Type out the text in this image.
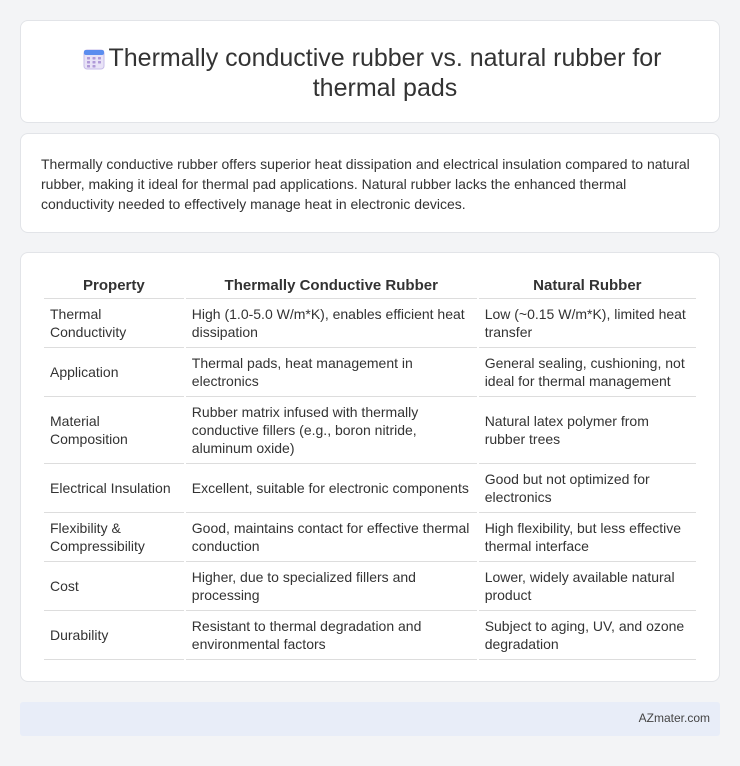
Thermally conductive rubber vs. natural rubber for thermal pads

Thermally conductive rubber offers superior heat dissipation and electrical insulation compared to natural rubber, making it ideal for thermal pad applications. Natural rubber lacks the enhanced thermal conductivity needed to effectively manage heat in electronic devices.

Property	Thermally Conductive Rubber	Natural Rubber
Thermal Conductivity	High (1.0-5.0 W/m*K), enables efficient heat dissipation	Low (~0.15 W/m*K), limited heat transfer
Application	Thermal pads, heat management in electronics	General sealing, cushioning, not ideal for thermal management
Material Composition	Rubber matrix infused with thermally conductive fillers (e.g., boron nitride, aluminum oxide)	Natural latex polymer from rubber trees
Electrical Insulation	Excellent, suitable for electronic components	Good but not optimized for electronics
Flexibility & Compressibility	Good, maintains contact for effective thermal conduction	High flexibility, but less effective thermal interface
Cost	Higher, due to specialized fillers and processing	Lower, widely available natural product
Durability	Resistant to thermal degradation and environmental factors	Subject to aging, UV, and ozone degradation
AZmater.com
